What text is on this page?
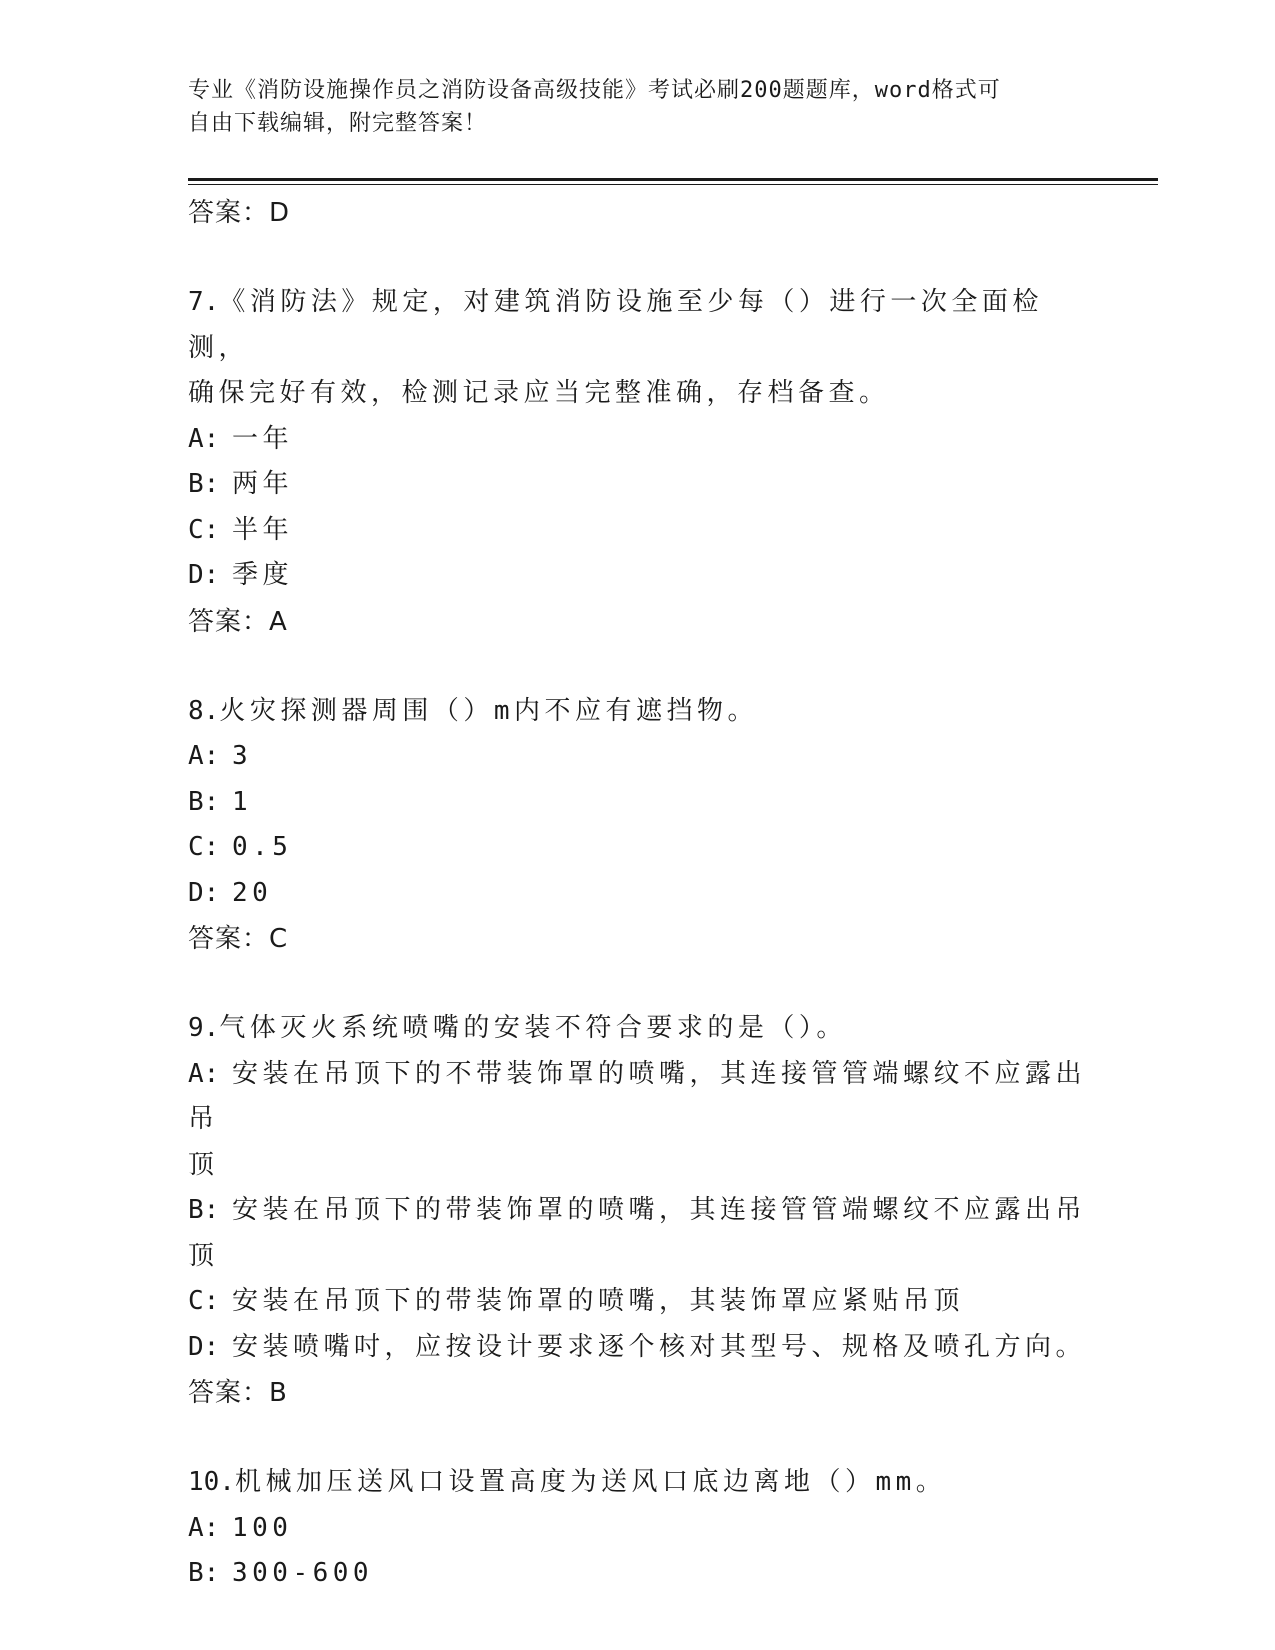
专业《消防设施操作员之消防设备高级技能》考试必刷200题题库，word格式可
自由下载编辑，附完整答案！
答案：D
7.《消防法》规定，对建筑消防设施至少每（）进行一次全面检测，
确保完好有效，检测记录应当完整准确，存档备查。
A: 一年
B: 两年
C: 半年
D: 季度
答案：A
8.火灾探测器周围（）m内不应有遮挡物。
A: 3
B: 1
C: 0.5
D: 20
答案：C
9.气体灭火系统喷嘴的安装不符合要求的是（）。
A: 安装在吊顶下的不带装饰罩的喷嘴，其连接管管端螺纹不应露出吊
顶
B: 安装在吊顶下的带装饰罩的喷嘴，其连接管管端螺纹不应露出吊顶
C: 安装在吊顶下的带装饰罩的喷嘴，其装饰罩应紧贴吊顶
D: 安装喷嘴吋，应按设计要求逐个核对其型号、规格及喷孔方向。
答案：B
10.机械加压送风口设置高度为送风口底边离地（）mm。
A: 100
B: 300-600
